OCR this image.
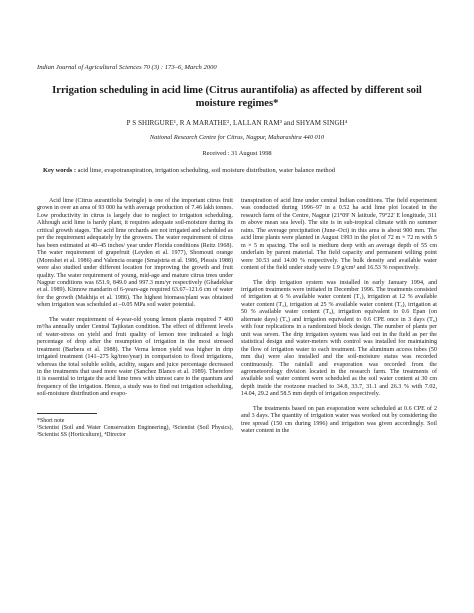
Indian Journal of Agricultural Sciences 70 (3) : 173–6, March 2000
Irrigation scheduling in acid lime (Citrus aurantifolia) as affected by different soil moisture regimes*
P S SHIRGURE¹, R A MARATHE², LALLAN RAM³ and SHYAM SINGH⁴
National Research Centre for Citrus, Nagpur, Maharashtra 440 010
Received : 31 August 1998
Key words : acid lime, evapotranspiration, irrigation scheduling, soil moisture distribution, water balance method

Acid lime (Citrus aurantifolia Swingle) is one of the important citrus fruit grown in over an area of 93 000 ha with average production of 7.46 lakh tonnes. Low productivity in citrus is largely due to neglect to irrigation scheduling. Although acid lime is hardy plant, it requires adequate soil-moisture during its critical growth stages. The acid lime orchards are not irrigated and scheduled as per the requirement adequately by the growers. The water requirement of citrus has been estimated at 40–45 inches/ year under Florida conditions (Reitz 1968). The water requirement of grapefruit (Leyden et al. 1977), Shomouti orange (Moreshet et al. 1986) and Valencia orange (Smajstria et al. 1986, Plessis 1988) were also studied under different location for improving the growth and fruit quality. The water requirement of young, mid-age and mature citrus trees under Nagpur conditions was 651.9, 849.0 and 997.3 mm/yr respectively (Ghadekhar et al. 1989). Kinnow mandarin of 6-years-age required 63.67–121.6 cm of water for the growth (Makhija et al. 1986). The highest biomass/plant was obtained when irrigation was scheduled at –0.05 MPa soil water potential.

The water requirement of 4-year-old young lemon plants required 7 400 m³/ha annually under Central Tajikstan condition. The effect of different levels of water-stress on yield and fruit quality of lemon tree indicated a high percentage of drop after the resumption of irrigation in the most stressed treatment (Barbera et al. 1988). The Verna lemon yield was higher in drip irrigated treatment (141–275 kg/tree/year) in comparision to flood irrigations, whereas the total soluble solids, acidity, sugars and juice percentage decreased in the treatments that used more water (Sanchez Blanco et al. 1989). Therefore it is essential to irrigate the acid lime trees with utmost care to the quantum and frequency of the irrigation. Hence, a study was to find out irrigation scheduling, soil-moisture distribution and evapo-

*Short note
¹Scientist (Soil and Water Conservation Engineering), ²Scientist (Soil Physics), ³Scientist SS (Horticulture), ⁴Director

transpiration of acid lime under central Indian conditions. The field experiment was conducted during 1996–97 in a 0.52 ha acid lime plot located in the research farm of the Centre, Nagpur (21°09' N latitude, 79°22' E longitude, 311 m above mean sea level). The site is in sub-tropical climate with no summer rains. The average precipitation (June–Oct) in this area is about 900 mm. The acid lime plants were planted in August 1993 in the plot of 72 m × 72 m with 5 m × 5 m spacing. The soil is medium deep with an average depth of 55 cm underlain by parent material. The field capacity and permanent wilting point were 30.53 and 14.00 % respectively. The bulk density and available water content of the field under study were 1.9 g/cm³ and 16.53 % respectively.

The drip irrigation system was installed in early January 1994, and irrigation treatments were initiated in December 1996. The treatments consisted of irrigation at 6 % available water content (T₁), irrigation at 12 % available water content (T₂), irrigation at 25 % available water content (T₃), irrigation at 50 % available water content (T₄), irrigation equivalent to 0.6 Epan (on alternate days) (T₅) and irrigation equivalent to 0.6 CPE once in 3 days (T₆) with four replications in a randomized block design. The number of plants per unit was seven. The drip irrigation system was laid out in the field as per the statistical design and water-meters with control was installed for maintaining the flow of irrigation water to each treatment. The aluminum access tubes (50 mm dia) were also installed and the soil-moisture status was recorded continuously. The rainfall and evaporation was recorded from the agrometeorology division located in the research farm. The treatments of available soil water content were scheduled as the soil water content at 30 cm depth inside the rootzone reached to 34.8, 33.7, 31.1 and 26.3 % with 7.02, 14.04, 29.2 and 58.5 mm depth of irrigation respectively.

The treatments based on pan evaporation were scheduled at 0.6 CPE of 2 and 3 days. The quantity of irrigation water was worked out by considering the tree spread (150 cm during 1996) and irrigation was given accordingly. Soil water content in the
